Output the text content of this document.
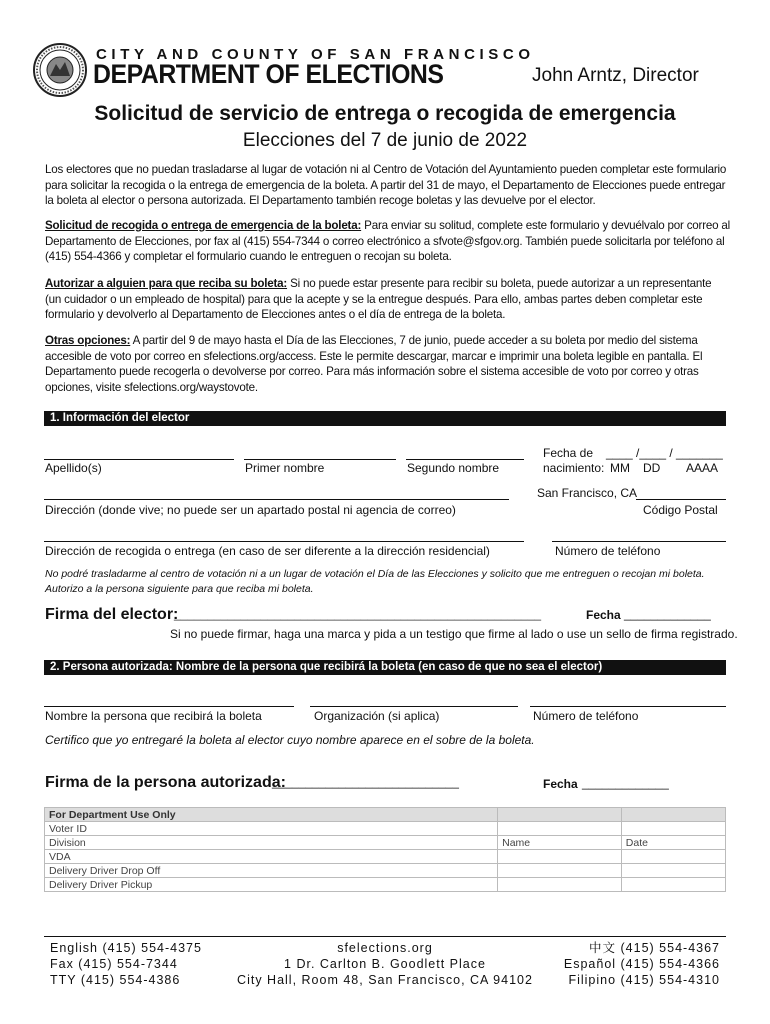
CITY AND COUNTY OF SAN FRANCISCO
DEPARTMENT OF ELECTIONS	John Arntz, Director
Solicitud de servicio de entrega o recogida de emergencia
Elecciones del 7 de junio de 2022
Los electores que no puedan trasladarse al lugar de votación ni al Centro de Votación del Ayuntamiento pueden completar este formulario para solicitar la recogida o la entrega de emergencia de la boleta. A partir del 31 de mayo, el Departamento de Elecciones puede entregar la boleta al elector o persona autorizada. El Departamento también recoge boletas y las devuelve por el elector.
Solicitud de recogida o entrega de emergencia de la boleta: Para enviar su solitud, complete este formulario y devuélvalo por correo al Departamento de Elecciones, por fax al (415) 554-7344 o correo electrónico a sfvote@sfgov.org. También puede solicitarla por teléfono al (415) 554-4366 y completar el formulario cuando le entreguen o recojan su boleta.
Autorizar a alguien para que reciba su boleta: Si no puede estar presente para recibir su boleta, puede autorizar a un representante (un cuidador o un empleado de hospital) para que la acepte y se la entregue después. Para ello, ambas partes deben completar este formulario y devolverlo al Departamento de Elecciones antes o el día de entrega de la boleta.
Otras opciones: A partir del 9 de mayo hasta el Día de las Elecciones, 7 de junio, puede acceder a su boleta por medio del sistema accesible de voto por correo en sfelections.org/access. Este le permite descargar, marcar e imprimir una boleta legible en pantalla. El Departamento puede recogerla o devolverse por correo. Para más información sobre el sistema accesible de voto por correo y otras opciones, visite sfelections.org/waystovote.
1. Información del elector
Apellido(s)	Primer nombre	Segundo nombre
Fecha de ____ /____ / _______
nacimiento: MM DD AAAA
Dirección (donde vive; no puede ser un apartado postal ni agencia de correo)
San Francisco, CA
Código Postal
Dirección de recogida o entrega (en caso de ser diferente a la dirección residencial)	Número de teléfono
No podré trasladarme al centro de votación ni a un lugar de votación el Día de las Elecciones y solicito que me entreguen o recojan mi boleta.
Autorizo a la persona siguiente para que reciba mi boleta.
Firma del elector:
_______________________________________________________	Fecha _____________
Si no puede firmar, haga una marca y pida a un testigo que firme al lado o use un sello de firma registrado.
2. Persona autorizada: Nombre de la persona que recibirá la boleta (en caso de que no sea el elector)
Nombre la persona que recibirá la boleta	Organización (si aplica)	Número de teléfono
Certifico que yo entregaré la boleta al elector cuyo nombre aparece en el sobre de la boleta.
Firma de la persona autorizada:
____________________________	Fecha _____________
For Department Use Only		
Voter ID		
Division	Name	Date
VDA		
Delivery Driver Drop Off		
Delivery Driver Pickup		
English (415) 554-4375
Fax (415) 554-7344
TTY (415) 554-4386
sfelections.org
1 Dr. Carlton B. Goodlett Place
City Hall, Room 48, San Francisco, CA 94102
中文 (415) 554-4367
Español (415) 554-4366
Filipino (415) 554-4310
